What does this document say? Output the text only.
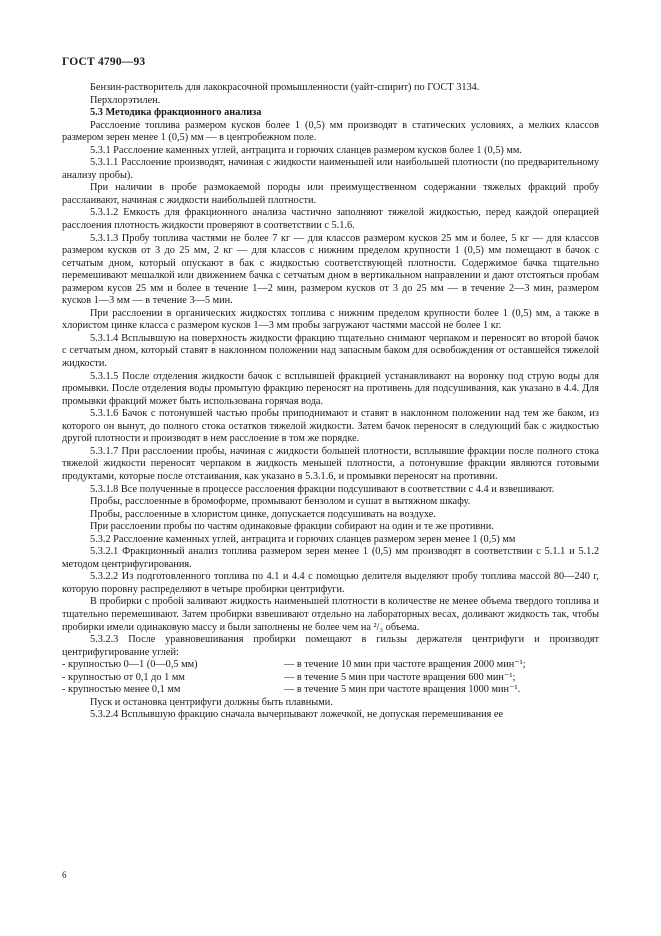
ГОСТ 4790—93

Бензин-растворитель для лакокрасочной промышленности (уайт-спирит) по ГОСТ 3134.

Перхлорэтилен.

5.3 Методика фракционного анализа

Расслоение топлива размером кусков более 1 (0,5) мм производят в статических условиях, а мелких классов размером зерен менее 1 (0,5) мм — в центробежном поле.

5.3.1 Расслоение каменных углей, антрацита и горючих сланцев размером кусков более 1 (0,5) мм.

5.3.1.1 Расслоение производят, начиная с жидкости наименьшей или наибольшей плотности (по предварительному анализу пробы).

При наличии в пробе размокаемой породы или преимущественном содержании тяжелых фракций пробу расслаивают, начиная с жидкости наибольшей плотности.

5.3.1.2 Емкость для фракционного анализа частично заполняют тяжелой жидкостью, перед каждой операцией расслоения плотность жидкости проверяют в соответствии с 5.1.6.

5.3.1.3 Пробу топлива частями не более 7 кг — для классов размером кусков 25 мм и более, 5 кг — для классов размером кусков от 3 до 25 мм, 2 кг — для классов с нижним пределом крупности 1 (0,5) мм помещают в бачок с сетчатым дном, который опускают в бак с жидкостью соответствующей плотности. Содержимое бачка тщательно перемешивают мешалкой или движением бачка с сетчатым дном в вертикальном направлении и дают отстояться пробам размером кусов 25 мм и более в течение 1—2 мин, размером кусков от 3 до 25 мм — в течение 2—3 мин, размером кусков 1—3 мм — в течение 3—5 мин.

При расслоении в органических жидкостях топлива с нижним пределом крупности более 1 (0,5) мм, а также в хлористом цинке класса с размером кусков 1—3 мм пробы загружают частями массой не более 1 кг.

5.3.1.4 Всплывшую на поверхность жидкости фракцию тщательно снимают черпаком и переносят во второй бачок с сетчатым дном, который ставят в наклонном положении над запасным баком для освобождения от оставшейся тяжелой жидкости.

5.3.1.5 После отделения жидкости бачок с всплывшей фракцией устанавливают на воронку под струю воды для промывки. После отделения воды промытую фракцию переносят на противень для подсушивания, как указано в 4.4. Для промывки фракций может быть использована горячая вода.

5.3.1.6 Бачок с потонувшей частью пробы приподнимают и ставят в наклонном положении над тем же баком, из которого он вынут, до полного стока остатков тяжелой жидкости. Затем бачок переносят в следующий бак с жидкостью другой плотности и производят в нем расслоение в том же порядке.

5.3.1.7 При расслоении пробы, начиная с жидкости большей плотности, всплывшие фракции после полного стока тяжелой жидкости переносят черпаком в жидкость меньшей плотности, а потонувшие фракции являются готовыми продуктами, которые после отстаивания, как указано в 5.3.1.6, и промывки переносят на противни.

5.3.1.8 Все полученные в процессе расслоения фракции подсушивают в соответствии с 4.4 и взвешивают.

Пробы, расслоенные в бромоформе, промывают бензолом и сушат в вытяжном шкафу.

Пробы, расслоенные в хлористом цинке, допускается подсушивать на воздухе.

При расслоении пробы по частям одинаковые фракции собирают на один и те же противни.

5.3.2 Расслоение каменных углей, антрацита и горючих сланцев размером зерен менее 1 (0,5) мм

5.3.2.1 Фракционный анализ топлива размером зерен менее 1 (0,5) мм производят в соответствии с 5.1.1 и 5.1.2 методом центрифугирования.

5.3.2.2 Из подготовленного топлива по 4.1 и 4.4 с помощью делителя выделяют пробу топлива массой 80—240 г, которую поровну распределяют в четыре пробирки центрифуги.

В пробирки с пробой заливают жидкость наименьшей плотности в количестве не менее объема твердого топлива и тщательно перемешивают. Затем пробирки взвешивают отдельно на лабораторных весах, доливают жидкость так, чтобы пробирки имели одинаковую массу и были заполнены не более чем на ²/₃ объема.

5.3.2.3 После уравновешивания пробирки помещают в гильзы держателя центрифуги и производят центрифугирование углей:

- крупностью 0—1 (0—0,5 мм)	— в течение 10 мин при частоте вращения 2000 мин⁻¹;
- крупностью от 0,1 до 1 мм	— в течение 5 мин при частоте вращения 600 мин⁻¹;
- крупностью менее 0,1 мм	— в течение 5 мин при частоте вращения 1000 мин⁻¹.

Пуск и остановка центрифуги должны быть плавными.

5.3.2.4 Всплывшую фракцию сначала вычерпывают ложечкой, не допуская перемешивания ее

6
